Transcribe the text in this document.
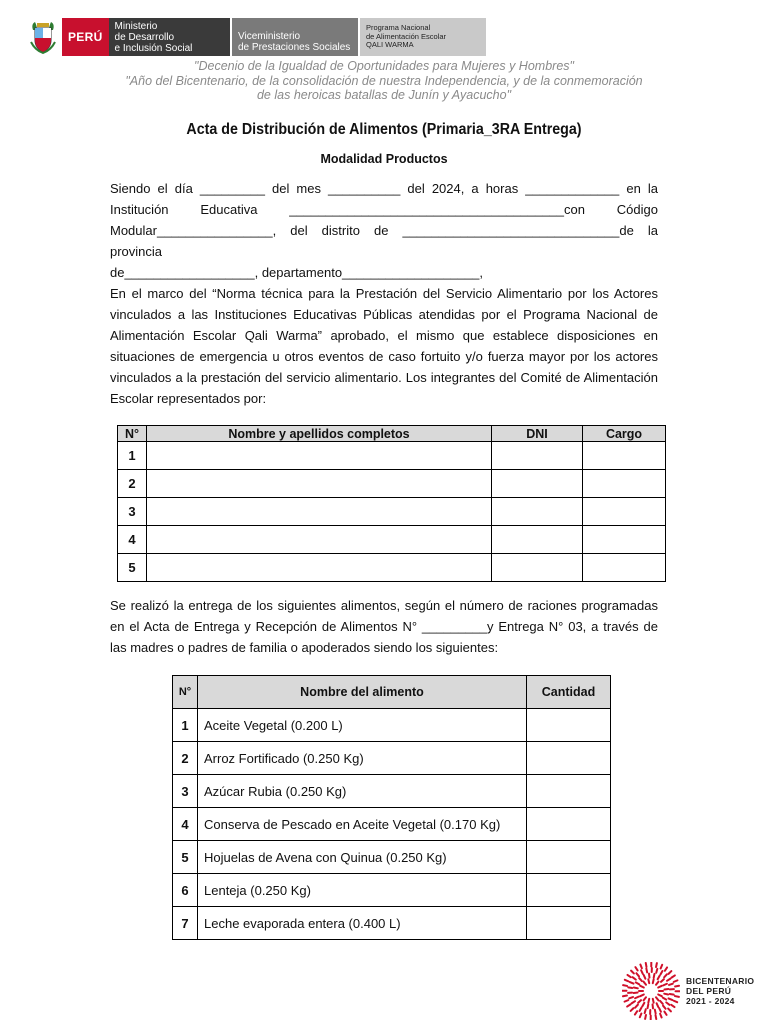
PERÚ
Ministerio
de Desarrollo
e Inclusión Social
Viceministerio
de Prestaciones Sociales
Programa Nacional
de Alimentación Escolar
QALI WARMA
"Decenio de la Igualdad de Oportunidades para Mujeres y Hombres"
"Año del Bicentenario, de la consolidación de nuestra Independencia, y de la conmemoración
de las heroicas batallas de Junín y Ayacucho"
Acta de Distribución de Alimentos (Primaria_3RA Entrega)
Modalidad Productos
Siendo el día _________ del mes __________ del 2024, a horas _____________ en la
Institución Educativa ______________________________________con Código
Modular________________, del distrito de ______________________________de la provincia
de__________________, departamento___________________,
En el marco del “Norma técnica para la Prestación del Servicio Alimentario por los Actores vinculados a las Instituciones Educativas Públicas atendidas por el Programa Nacional de Alimentación Escolar Qali Warma” aprobado, el mismo que establece disposiciones en situaciones de emergencia u otros eventos de caso fortuito y/o fuerza mayor por los actores vinculados a la prestación del servicio alimentario. Los integrantes del Comité de Alimentación Escolar representados por:
N°	Nombre y apellidos completos	DNI	Cargo
1			
2			
3			
4			
5			
Se realizó la entrega de los siguientes alimentos, según el número de raciones programadas en el Acta de Entrega y Recepción de Alimentos N° _________y Entrega N° 03, a través de las madres o padres de familia o apoderados siendo los siguientes:
N°	Nombre del alimento	Cantidad
1	Aceite Vegetal (0.200 L)	
2	Arroz Fortificado (0.250 Kg)	
3	Azúcar Rubia (0.250 Kg)	
4	Conserva de Pescado en Aceite Vegetal (0.170 Kg)	
5	Hojuelas de Avena con Quinua (0.250 Kg)	
6	Lenteja (0.250 Kg)	
7	Leche evaporada entera (0.400 L)	
BICENTENARIO
DEL PERÚ
2021 - 2024
